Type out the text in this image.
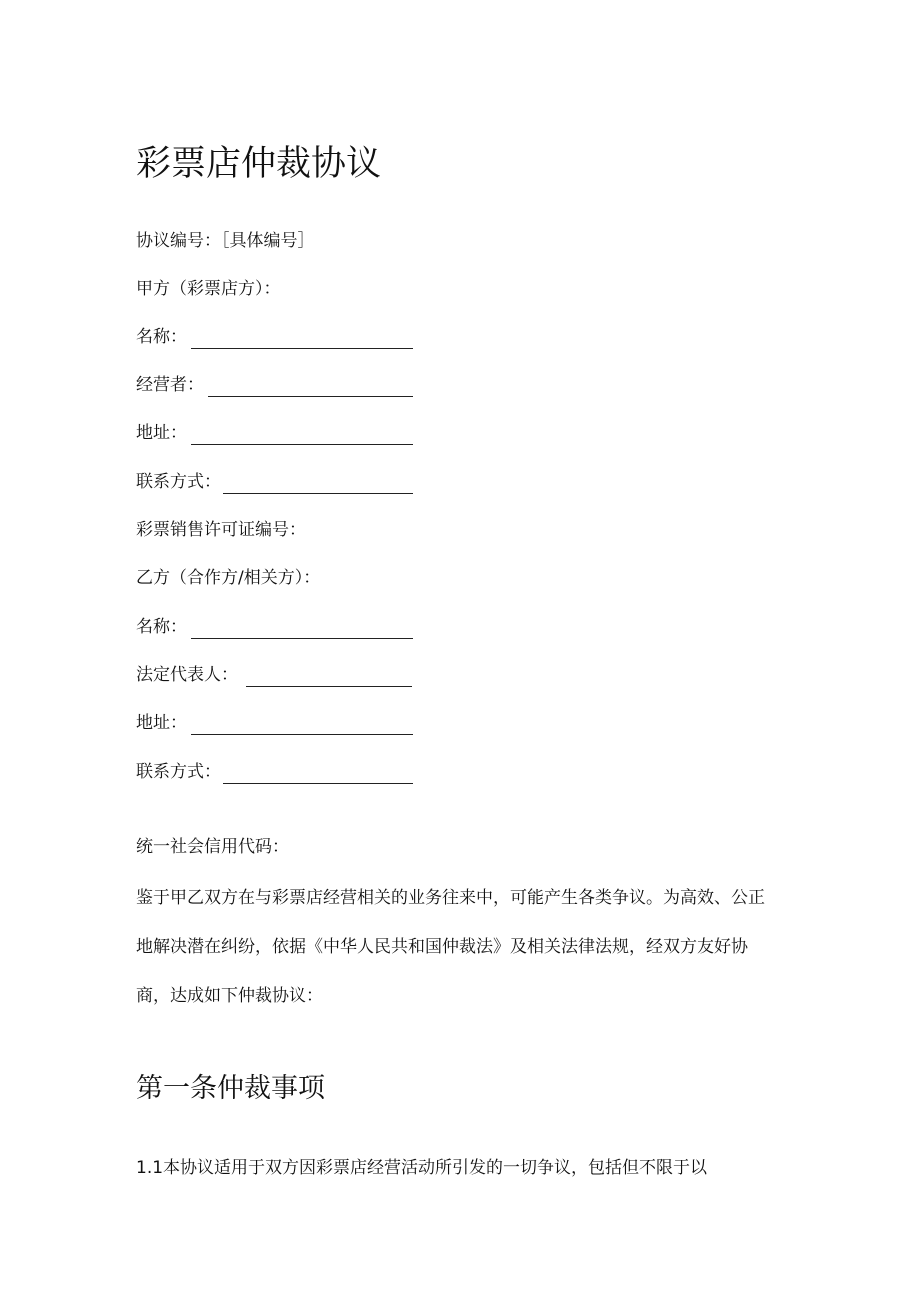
彩票店仲裁协议
协议编号：［具体编号］
甲方（彩票店方）：
名称：
经营者：
地址：
联系方式：
彩票销售许可证编号：
乙方（合作方/相关方）：
名称：
法定代表人：
地址：
联系方式：
统一社会信用代码：
鉴于甲乙双方在与彩票店经营相关的业务往来中，可能产生各类争议。为高效、公正
地解决潜在纠纷，依据《中华人民共和国仲裁法》及相关法律法规，经双方友好协
商，达成如下仲裁协议：
第一条仲裁事项
1.1本协议适用于双方因彩票店经营活动所引发的一切争议，包括但不限于以
